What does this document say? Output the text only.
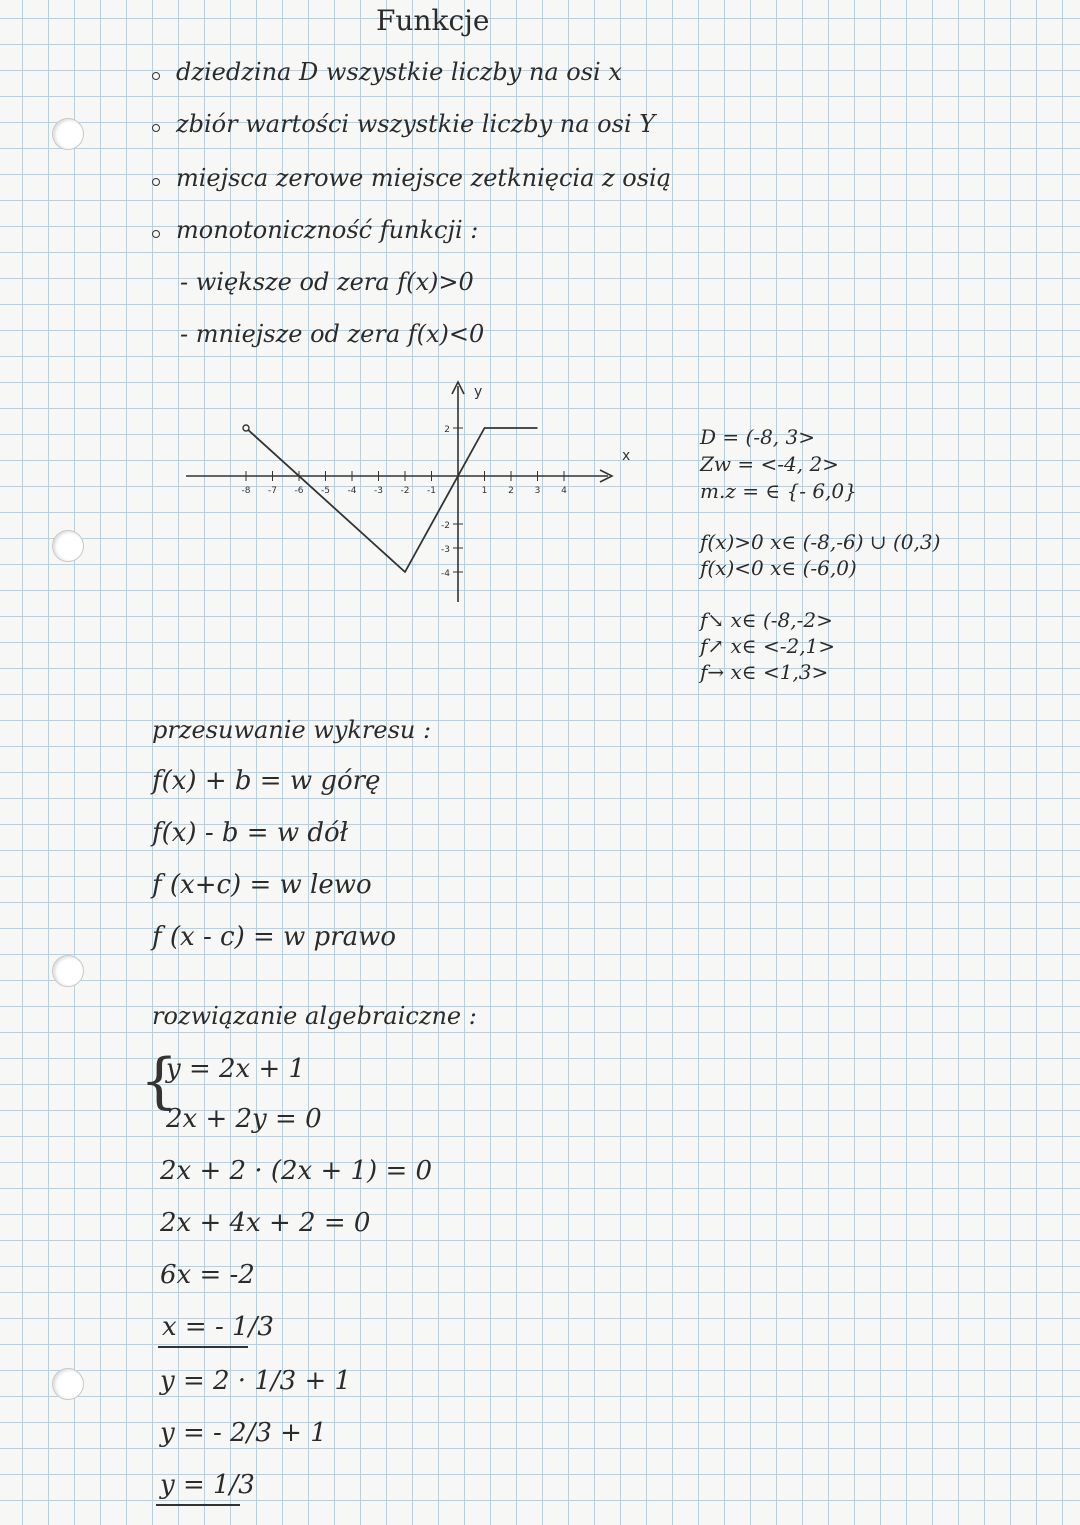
Funkcje
dziedzina D wszystkie liczby na osi x
zbiór wartości wszystkie liczby na osi Y
miejsca zerowe miejsce zetknięcia z osią
monotoniczność funkcji :
- większe od zera f(x)>0
- mniejsze od zera f(x)<0
x
y
-8 -7 -6 -5 -4 -3 -2 -1	1 2 3 4
2
-2
-3
-4
D = (-8, 3>
Zw = <-4, 2>
m.z = ∈ {- 6,0}
f(x)>0 x∈ (-8,-6) ∪ (0,3)
f(x)<0 x∈ (-6,0)
f↘ x∈ (-8,-2>
f↗ x∈ <-2,1>
f→ x∈ <1,3>
przesuwanie wykresu :
f(x) + b = w górę
f(x) - b = w dół
f (x+c) = w lewo
f (x - c) = w prawo
rozwiązanie algebraiczne :
{
y = 2x + 1
2x + 2y = 0
2x + 2 · (2x + 1) = 0
2x + 4x + 2 = 0
6x = -2
x = - 1/3
y = 2 · 1/3 + 1
y = - 2/3 + 1
y = 1/3
